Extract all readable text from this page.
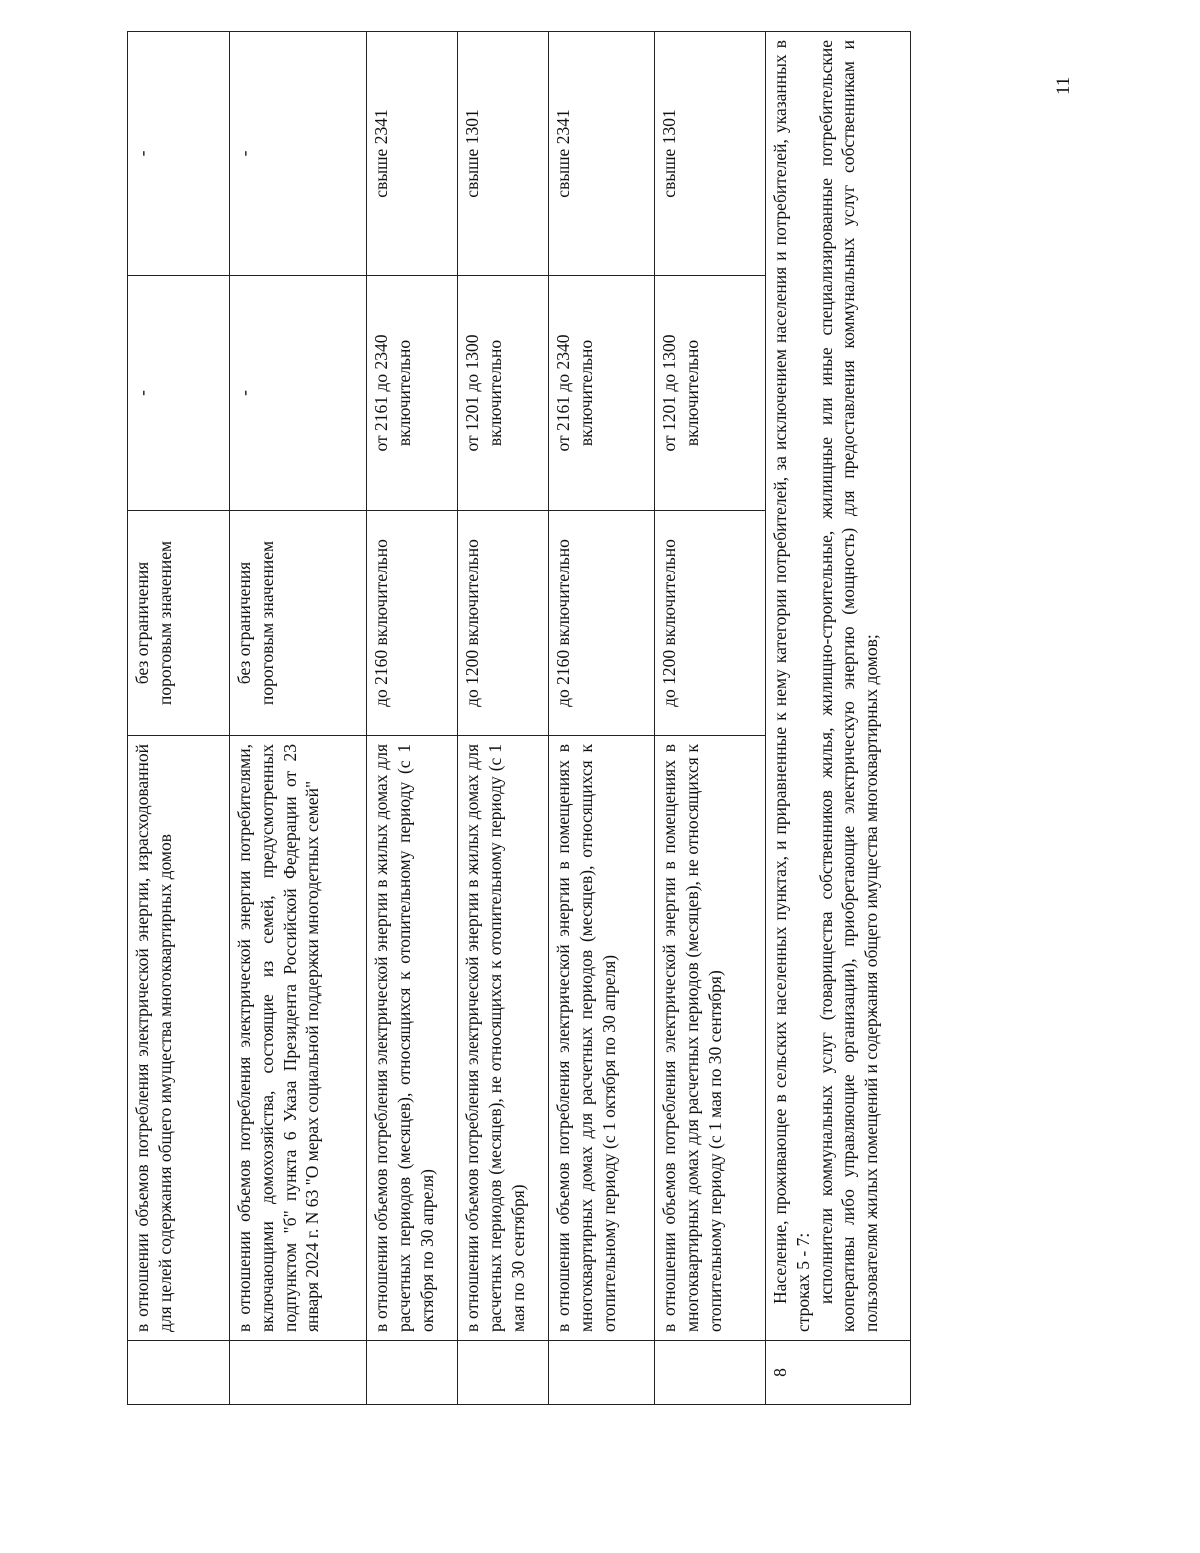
	в отношении объемов потребления электрической энергии, израсходованной для целей содержания общего имущества многоквартирных домов	без ограничения пороговым значением	-	-
	в отношении объемов потребления электрической энергии потребителями, включающими домохозяйства, состоящие из семей, предусмотренных подпунктом "б" пункта 6 Указа Президента Российской Федерации от 23 января 2024 г. N 63 "О мерах социальной поддержки многодетных семей"	без ограничения пороговым значением	-	-
	в отношении объемов потребления электрической энергии в жилых домах для расчетных периодов (месяцев), относящихся к отопительному периоду (с 1 октября по 30 апреля)	до 2160 включительно	от 2161 до 2340 включительно	свыше 2341
	в отношении объемов потребления электрической энергии в жилых домах для расчетных периодов (месяцев), не относящихся к отопительному периоду (с 1 мая по 30 сентября)	до 1200 включительно	от 1201 до 1300 включительно	свыше 1301
	в отношении объемов потребления электрической энергии в помещениях в многоквартирных домах для расчетных периодов (месяцев), относящихся к отопительному периоду (с 1 октября по 30 апреля)	до 2160 включительно	от 2161 до 2340 включительно	свыше 2341
	в отношении объемов потребления электрической энергии в помещениях в многоквартирных домах для расчетных периодов (месяцев), не относящихся к отопительному периоду (с 1 мая по 30 сентября)	до 1200 включительно	от 1201 до 1300 включительно	свыше 1301
8	Население, проживающее в сельских населенных пунктах, и приравненные к нему категории потребителей, за исключением населения и потребителей, указанных в строках 5 - 7: исполнители коммунальных услуг (товарищества собственников жилья, жилищно-строительные, жилищные или иные специализированные потребительские кооперативы либо управляющие организации), приобретающие электрическую энергию (мощность) для предоставления коммунальных услуг собственникам и пользователям жилых помещений и содержания общего имущества многоквартирных домов;			

11
